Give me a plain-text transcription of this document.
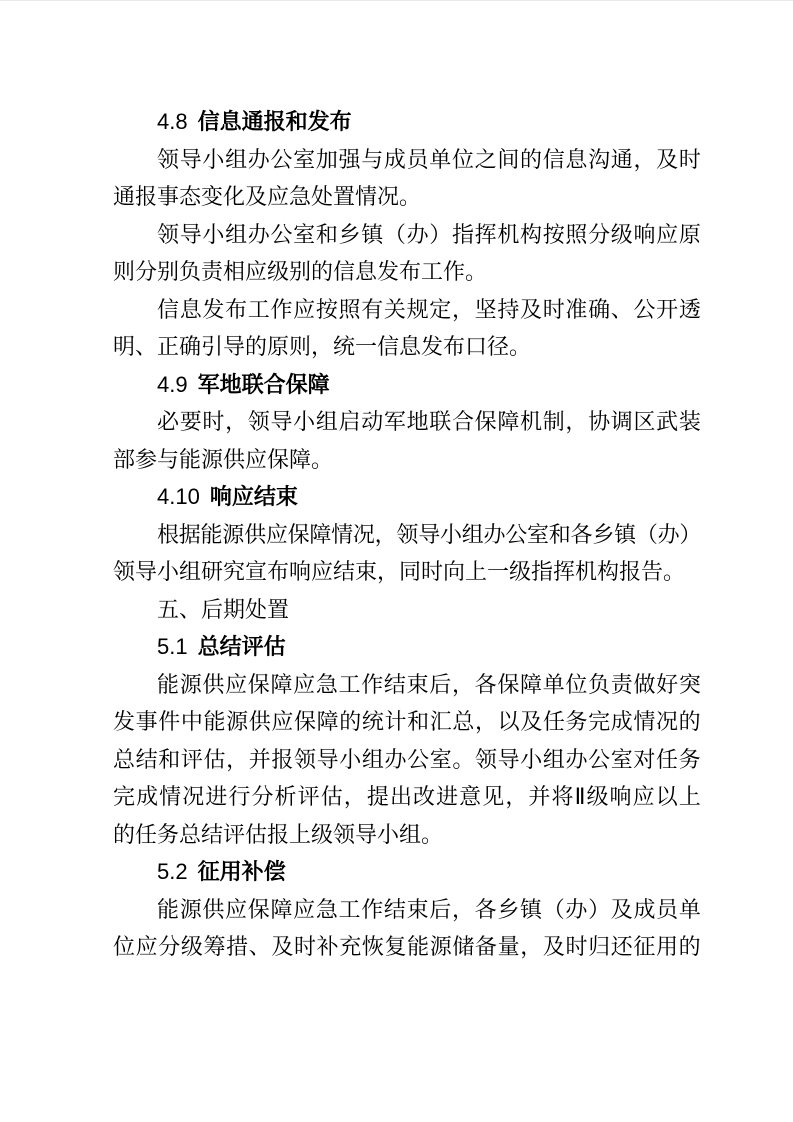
4.8 信息通报和发布
领 导 小 组 办 公 室 加 强 与 成 员 单 位 之 间 的 信 息 沟 通 ， 及 时
通报事态变化及应急处置情况。
领 导 小 组 办 公 室 和 乡 镇 （ 办 ） 指 挥 机 构 按 照 分 级 响 应 原
则分别负责相应级别的信息发布工作。
信 息 发 布 工 作 应 按 照 有 关 规 定 ， 坚 持 及 时 准 确 、 公 开 透
明、正确引导的原则，统一信息发布口径。
4.9 军地联合保障
必 要 时 ， 领 导 小 组 启 动 军 地 联 合 保 障 机 制 ， 协 调 区 武 装
部参与能源供应保障。
4.10 响应结束
根 据 能 源 供 应 保 障 情 况 ， 领 导 小 组 办 公 室 和 各 乡 镇 （ 办 ）
领导小组研究宣布响应结束，同时向上一级指挥机构报告。
五、后期处置
5.1 总结评估
能 源 供 应 保 障 应 急 工 作 结 束 后 ， 各 保 障 单 位 负 责 做 好 突
发 事 件 中 能 源 供 应 保 障 的 统 计 和 汇 总 ， 以 及 任 务 完 成 情 况 的
总 结 和 评 估 ， 并 报 领 导 小 组 办 公 室 。 领 导 小 组 办 公 室 对 任 务
完 成 情 况 进 行 分 析 评 估 ， 提 出 改 进 意 见 ， 并 将 Ⅱ 级 响 应 以 上
的任务总结评估报上级领导小组。
5.2 征用补偿
能 源 供 应 保 障 应 急 工 作 结 束 后 ， 各 乡 镇 （ 办 ） 及 成 员 单
位 应 分 级 筹 措 、 及 时 补 充 恢 复 能 源 储 备 量 ， 及 时 归 还 征 用 的
